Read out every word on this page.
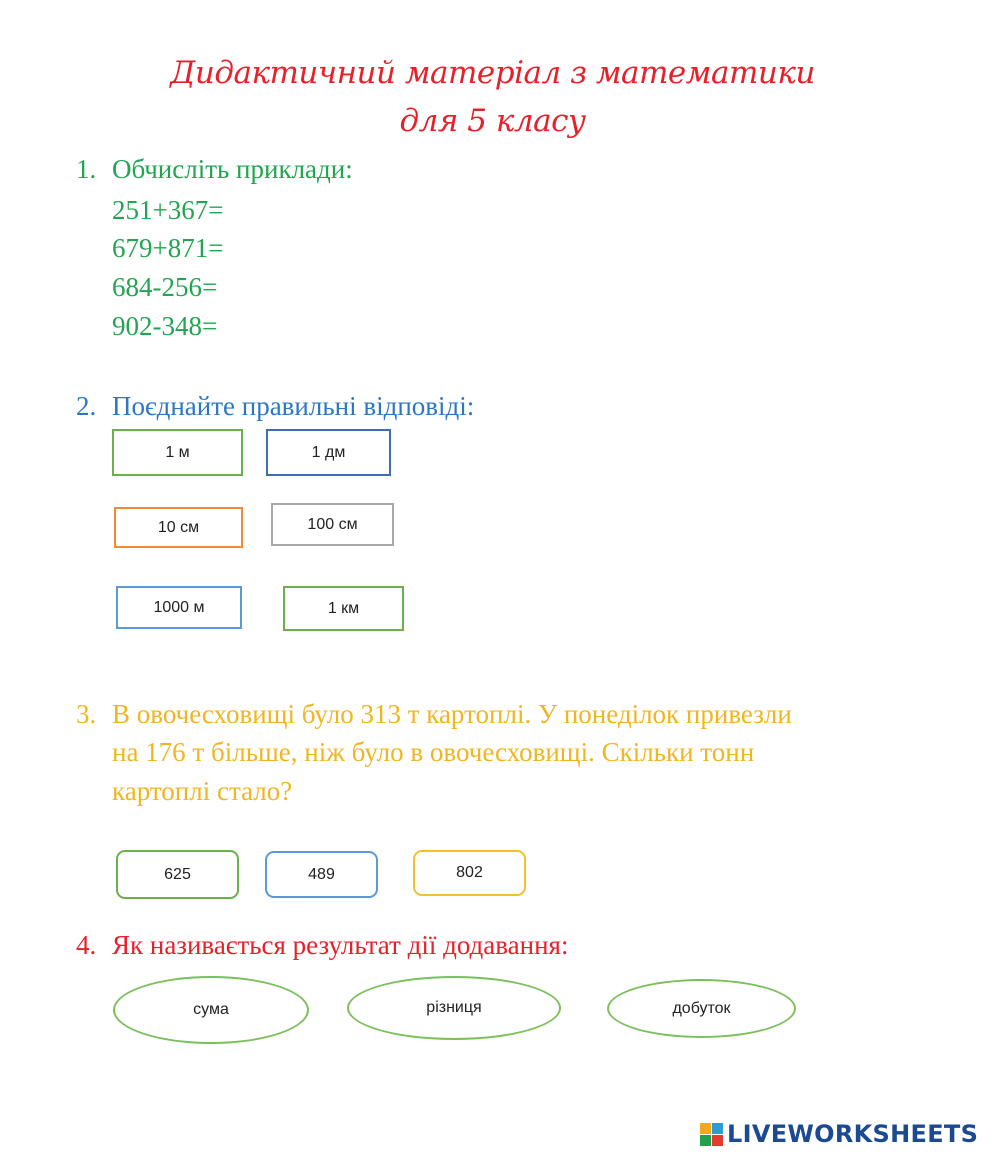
Дидактичний матеріал з математики
для 5 класу
1. Обчисліть приклади:
251+367=
679+871=
684-256=
902-348=
2. Поєднайте правильні відповіді:
1 м	1 дм
10 см	100 см
1000 м	1 км
3. В овочесховищі було 313 т картоплі. У понеділок привезли
на 176 т більше, ніж було в овочесховищі. Скільки тонн
картоплі стало?
625	489	802
4. Як називається результат дії додавання:
сума	різниця	добуток
LIVEWORKSHEETS
